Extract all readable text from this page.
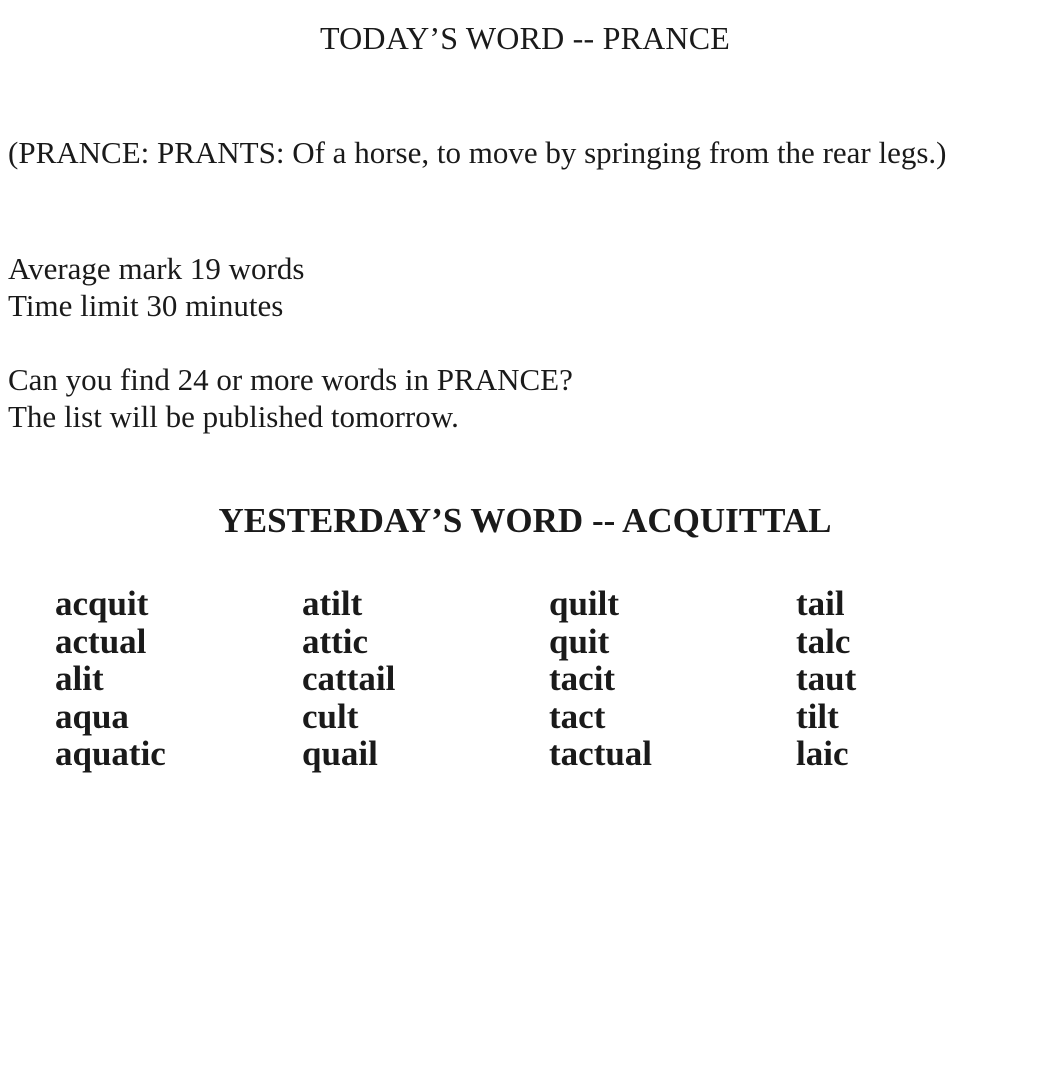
TODAY’S WORD -- PRANCE
(PRANCE: PRANTS: Of a horse, to move by springing from the rear legs.)
Average mark 19 words
Time limit 30 minutes
Can you find 24 or more words in PRANCE?
The list will be published tomorrow.
YESTERDAY’S WORD -- ACQUITTAL
acquit
actual
alit
aqua
aquatic
atilt
attic
cattail
cult
quail
quilt
quit
tacit
tact
tactual
tail
talc
taut
tilt
laic
